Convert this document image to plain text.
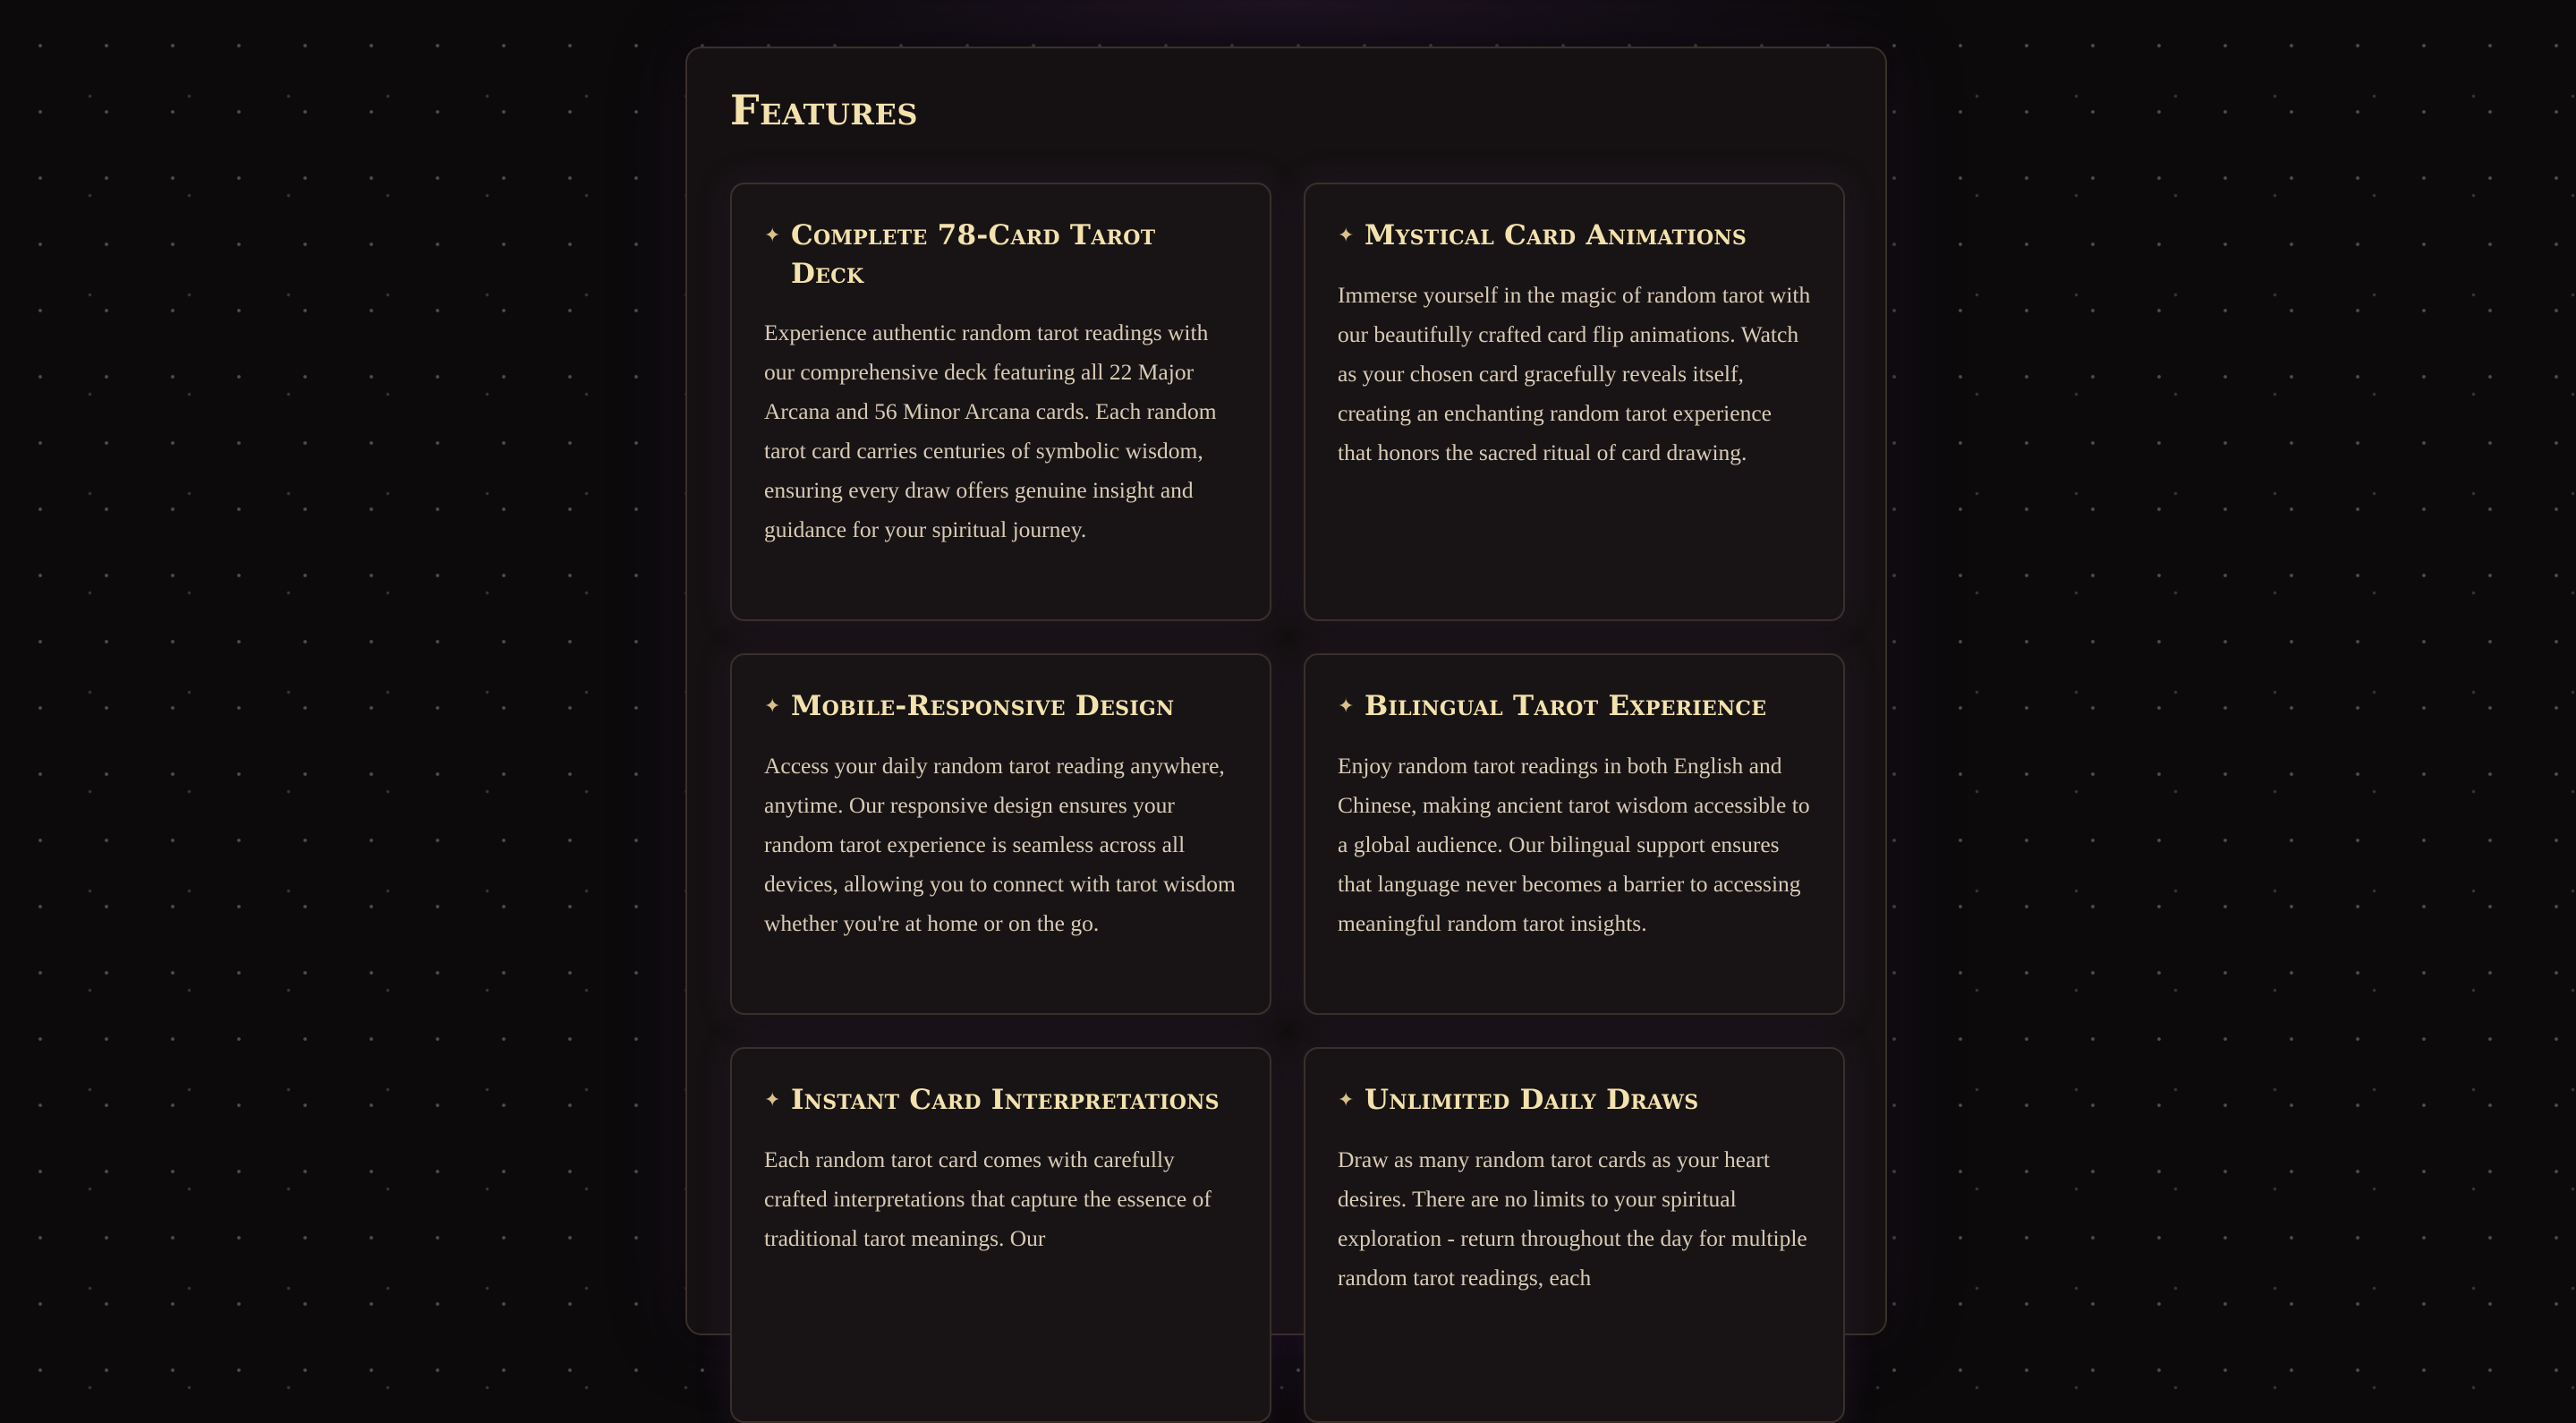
Features
✦ Complete 78-Card Tarot Deck

Experience authentic random tarot readings with our comprehensive deck featuring all 22 Major Arcana and 56 Minor Arcana cards. Each random tarot card carries centuries of symbolic wisdom, ensuring every draw offers genuine insight and guidance for your spiritual journey.

✦ Mystical Card Animations

Immerse yourself in the magic of random tarot with our beautifully crafted card flip animations. Watch as your chosen card gracefully reveals itself, creating an enchanting random tarot experience that honors the sacred ritual of card drawing.

✦ Mobile-Responsive Design

Access your daily random tarot reading anywhere, anytime. Our responsive design ensures your random tarot experience is seamless across all devices, allowing you to connect with tarot wisdom whether you're at home or on the go.

✦ Bilingual Tarot Experience

Enjoy random tarot readings in both English and Chinese, making ancient tarot wisdom accessible to a global audience. Our bilingual support ensures that language never becomes a barrier to accessing meaningful random tarot insights.

✦ Instant Card Interpretations

Each random tarot card comes with carefully crafted interpretations that capture the essence of traditional tarot meanings. Our

✦ Unlimited Daily Draws

Draw as many random tarot cards as your heart desires. There are no limits to your spiritual exploration - return throughout the day for multiple random tarot readings, each
